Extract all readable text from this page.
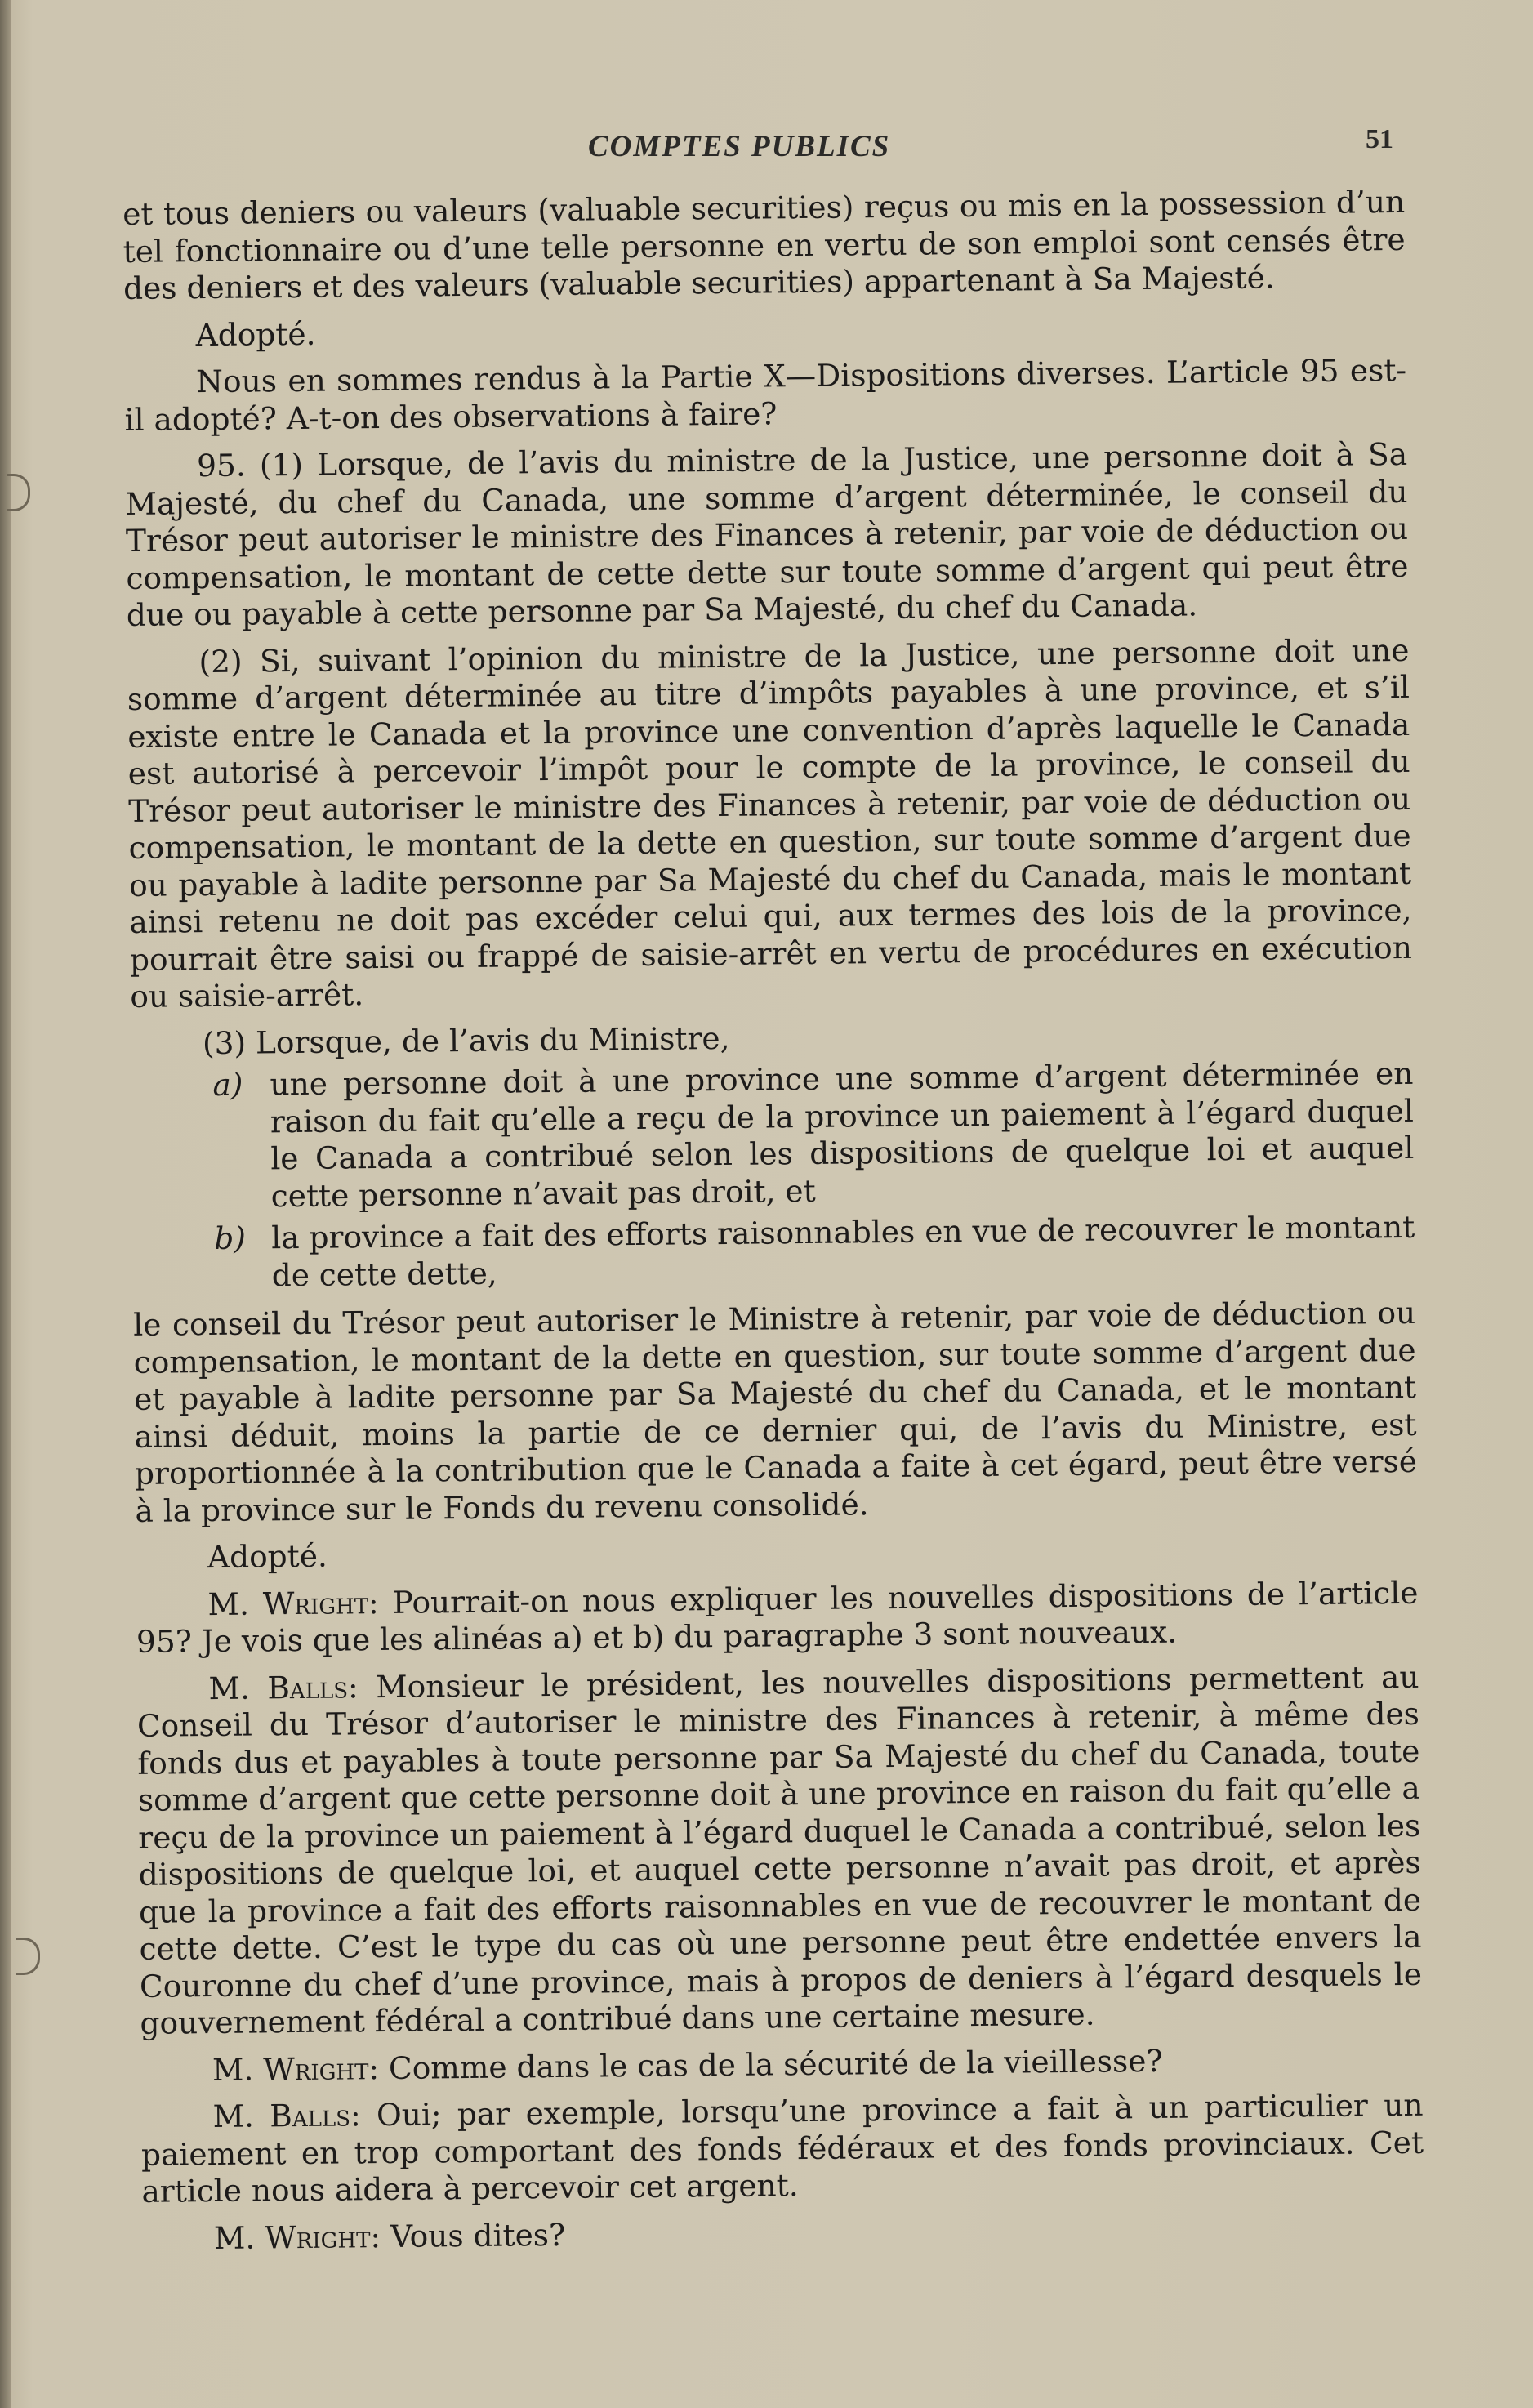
COMPTES PUBLICS	51

et tous deniers ou valeurs (valuable securities) reçus ou mis en la possession d’un tel fonctionnaire ou d’une telle personne en vertu de son emploi sont censés être des deniers et des valeurs (valuable securities) appartenant à Sa Majesté.

Adopté.

Nous en sommes rendus à la Partie X—Dispositions diverses. L’article 95 est-il adopté? A-t-on des observations à faire?

95. (1) Lorsque, de l’avis du ministre de la Justice, une personne doit à Sa Majesté, du chef du Canada, une somme d’argent déterminée, le conseil du Trésor peut autoriser le ministre des Finances à retenir, par voie de déduction ou compensation, le montant de cette dette sur toute somme d’argent qui peut être due ou payable à cette personne par Sa Majesté, du chef du Canada.

(2) Si, suivant l’opinion du ministre de la Justice, une personne doit une somme d’argent déterminée au titre d’impôts payables à une province, et s’il existe entre le Canada et la province une convention d’après laquelle le Canada est autorisé à percevoir l’impôt pour le compte de la province, le conseil du Trésor peut autoriser le ministre des Finances à retenir, par voie de déduction ou compensation, le montant de la dette en question, sur toute somme d’argent due ou payable à ladite personne par Sa Majesté du chef du Canada, mais le montant ainsi retenu ne doit pas excéder celui qui, aux termes des lois de la province, pourrait être saisi ou frappé de saisie-arrêt en vertu de procédures en exécution ou saisie-arrêt.

(3) Lorsque, de l’avis du Ministre,

a) une personne doit à une province une somme d’argent déterminée en raison du fait qu’elle a reçu de la province un paiement à l’égard duquel le Canada a contribué selon les dispositions de quelque loi et auquel cette personne n’avait pas droit, et
b) la province a fait des efforts raisonnables en vue de recouvrer le montant de cette dette,

le conseil du Trésor peut autoriser le Ministre à retenir, par voie de déduction ou compensation, le montant de la dette en question, sur toute somme d’argent due et payable à ladite personne par Sa Majesté du chef du Canada, et le montant ainsi déduit, moins la partie de ce dernier qui, de l’avis du Ministre, est proportionnée à la contribution que le Canada a faite à cet égard, peut être versé à la province sur le Fonds du revenu consolidé.

Adopté.

M. Wright: Pourrait-on nous expliquer les nouvelles dispositions de l’article 95? Je vois que les alinéas a) et b) du paragraphe 3 sont nouveaux.

M. Balls: Monsieur le président, les nouvelles dispositions permettent au Conseil du Trésor d’autoriser le ministre des Finances à retenir, à même des fonds dus et payables à toute personne par Sa Majesté du chef du Canada, toute somme d’argent que cette personne doit à une province en raison du fait qu’elle a reçu de la province un paiement à l’égard duquel le Canada a contribué, selon les dispositions de quelque loi, et auquel cette personne n’avait pas droit, et après que la province a fait des efforts raisonnables en vue de recouvrer le montant de cette dette. C’est le type du cas où une personne peut être endettée envers la Couronne du chef d’une province, mais à propos de deniers à l’égard desquels le gouvernement fédéral a contribué dans une certaine mesure.

M. Wright: Comme dans le cas de la sécurité de la vieillesse?

M. Balls: Oui; par exemple, lorsqu’une province a fait à un particulier un paiement en trop comportant des fonds fédéraux et des fonds provinciaux. Cet article nous aidera à percevoir cet argent.

M. Wright: Vous dites?
